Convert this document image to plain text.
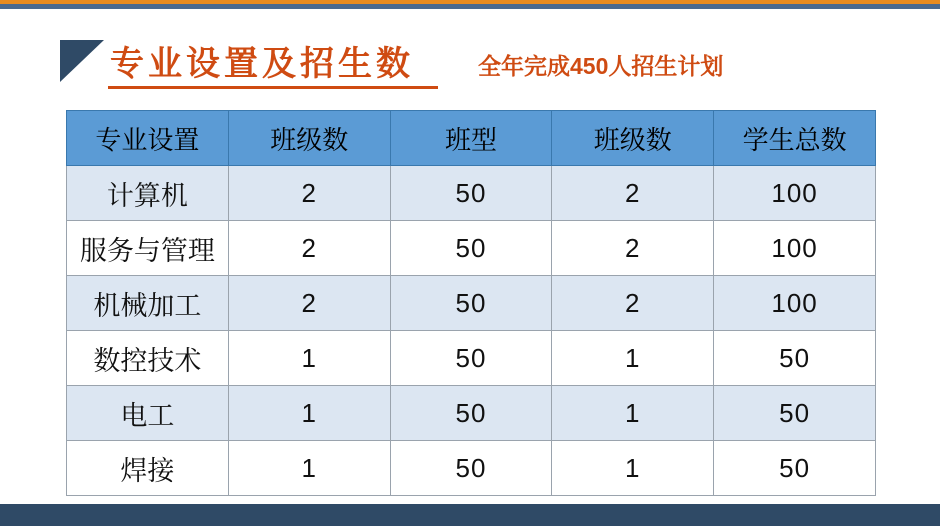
专业设置及招生数	全年完成450人招生计划
专业设置	班级数	班型	班级数	学生总数
计算机	2	50	2	100
服务与管理	2	50	2	100
机械加工	2	50	2	100
数控技术	1	50	1	50
电工	1	50	1	50
焊接	1	50	1	50
